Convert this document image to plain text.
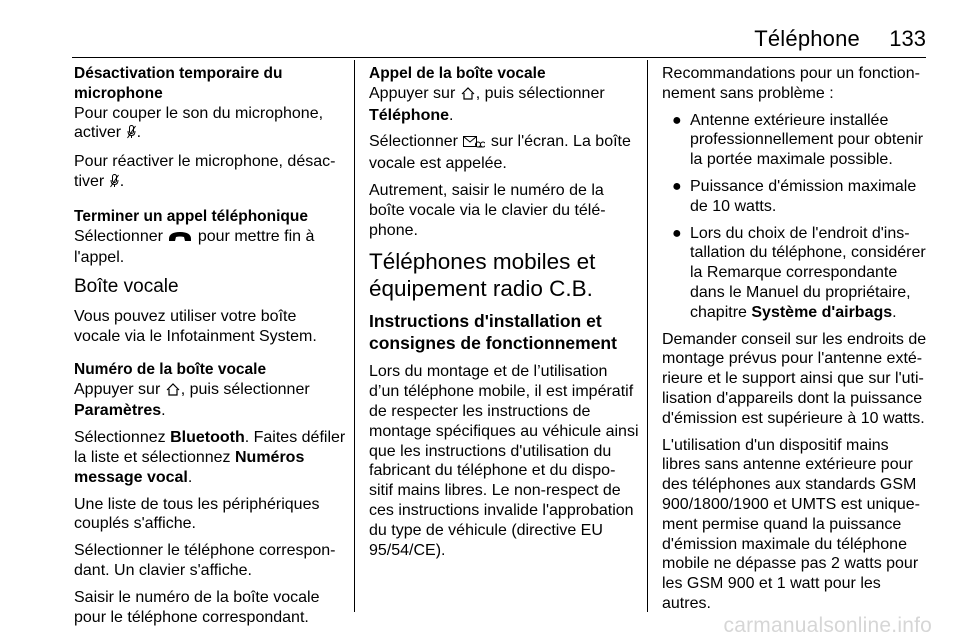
Téléphone 133

Désactivation temporaire du microphone

Pour couper le son du microphone, activer .

Pour réactiver le microphone, désac-tiver .

Terminer un appel téléphonique

Sélectionner pour mettre fin à l'appel.

Boîte vocale

Vous pouvez utiliser votre boîte vocale via le Infotainment System.

Numéro de la boîte vocale

Appuyer sur , puis sélectionner Paramètres.

Sélectionnez Bluetooth. Faites défiler la liste et sélectionnez Numéros message vocal.

Une liste de tous les périphériques couplés s'affiche.

Sélectionner le téléphone correspon-dant. Un clavier s'affiche.

Saisir le numéro de la boîte vocale pour le téléphone correspondant.

Appel de la boîte vocale

Appuyer sur , puis sélectionner Téléphone.

Sélectionner sur l'écran. La boîte vocale est appelée.

Autrement, saisir le numéro de la boîte vocale via le clavier du télé-phone.

Téléphones mobiles et équipement radio C.B.

Instructions d'installation et consignes de fonctionnement

Lors du montage et de l’utilisation d’un téléphone mobile, il est impératif de respecter les instructions de montage spécifiques au véhicule ainsi que les instructions d'utilisation du fabricant du téléphone et du dispo-sitif mains libres. Le non-respect de ces instructions invalide l'approbation du type de véhicule (directive EU 95/54/CE).

Recommandations pour un fonction-nement sans problème :

● Antenne extérieure installée professionnellement pour obtenir la portée maximale possible.
● Puissance d'émission maximale de 10 watts.
● Lors du choix de l'endroit d'ins-tallation du téléphone, considérer la Remarque correspondante dans le Manuel du propriétaire, chapitre Système d'airbags.

Demander conseil sur les endroits de montage prévus pour l'antenne exté-rieure et le support ainsi que sur l'uti-lisation d'appareils dont la puissance d'émission est supérieure à 10 watts.

L'utilisation d'un dispositif mains libres sans antenne extérieure pour des téléphones aux standards GSM 900/1800/1900 et UMTS est unique-ment permise quand la puissance d'émission maximale du téléphone mobile ne dépasse pas 2 watts pour les GSM 900 et 1 watt pour les autres.

carmanualsonline.info
